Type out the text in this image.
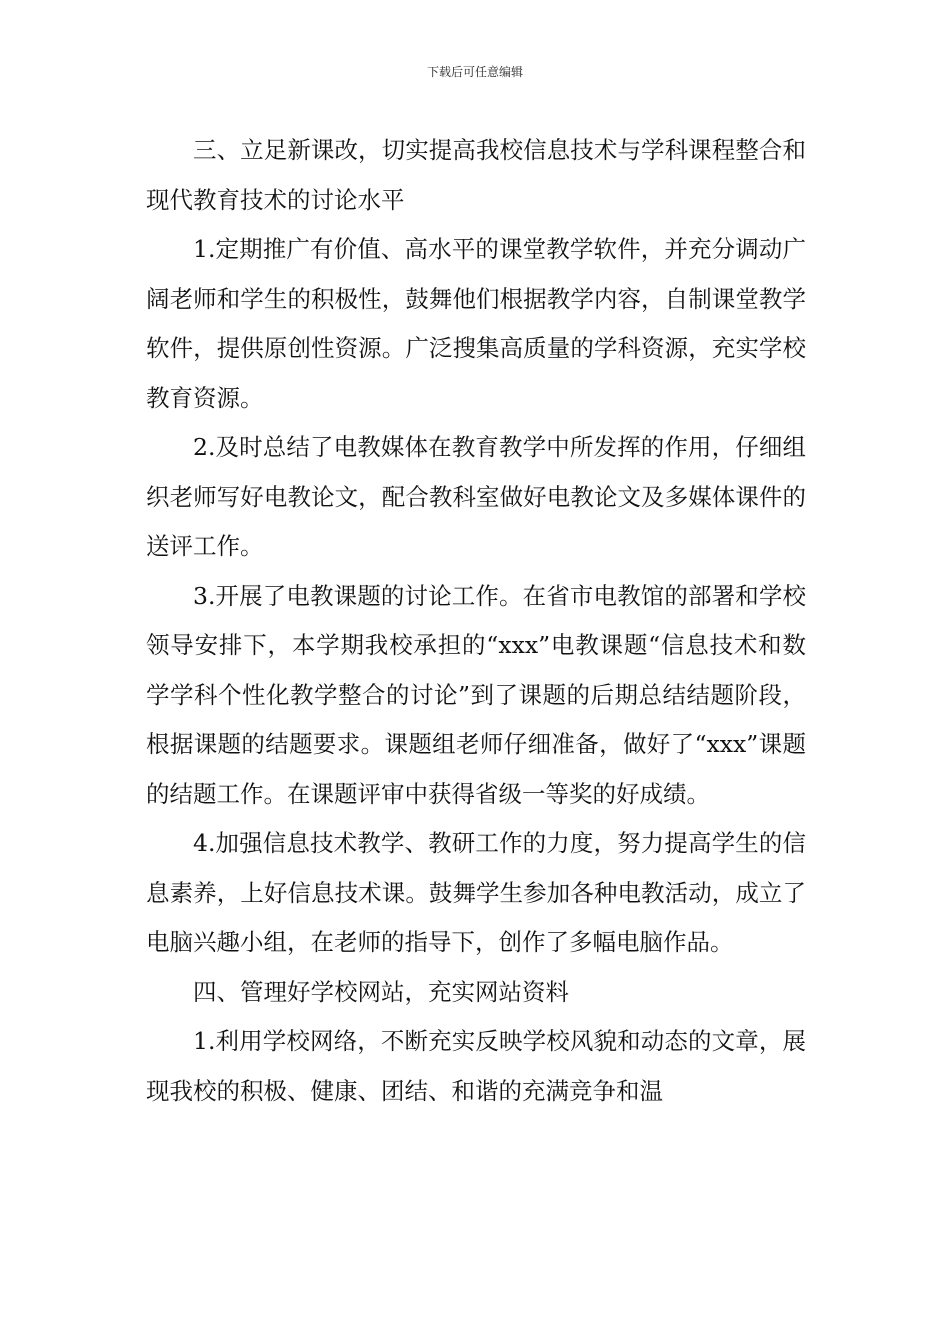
下载后可任意编辑

三、立足新课改，切实提高我校信息技术与学科课程整合和现代教育技术的讨论水平

1.定期推广有价值、高水平的课堂教学软件，并充分调动广阔老师和学生的积极性，鼓舞他们根据教学内容，自制课堂教学软件，提供原创性资源。广泛搜集高质量的学科资源，充实学校教育资源。

2.及时总结了电教媒体在教育教学中所发挥的作用，仔细组织老师写好电教论文，配合教科室做好电教论文及多媒体课件的送评工作。

3.开展了电教课题的讨论工作。在省市电教馆的部署和学校领导安排下，本学期我校承担的“xxx”电教课题“信息技术和数学学科个性化教学整合的讨论”到了课题的后期总结结题阶段，根据课题的结题要求。课题组老师仔细准备，做好了“xxx”课题的结题工作。在课题评审中获得省级一等奖的好成绩。

4.加强信息技术教学、教研工作的力度，努力提高学生的信息素养，上好信息技术课。鼓舞学生参加各种电教活动，成立了电脑兴趣小组，在老师的指导下，创作了多幅电脑作品。

四、管理好学校网站，充实网站资料

1.利用学校网络，不断充实反映学校风貌和动态的文章，展现我校的积极、健康、团结、和谐的充满竞争和温
